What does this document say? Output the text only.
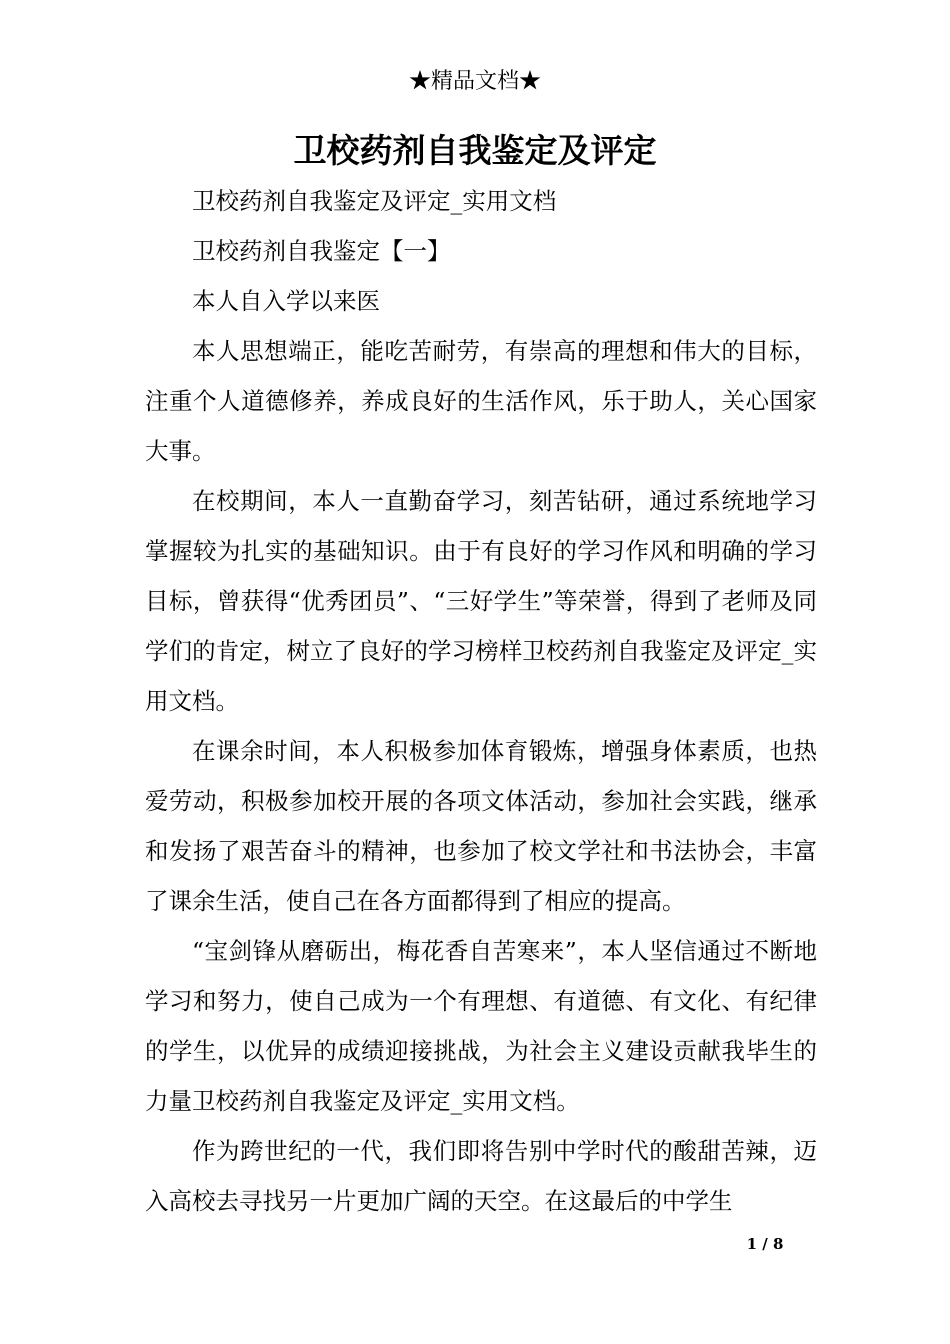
★精品文档★
卫校药剂自我鉴定及评定

卫校药剂自我鉴定及评定_实用文档

卫校药剂自我鉴定【一】

本人自入学以来医

本人思想端正，能吃苦耐劳，有崇高的理想和伟大的目标，注重个人道德修养，养成良好的生活作风，乐于助人，关心国家大事。

在校期间，本人一直勤奋学习，刻苦钻研，通过系统地学习掌握较为扎实的基础知识。由于有良好的学习作风和明确的学习目标，曾获得“优秀团员”、“三好学生”等荣誉，得到了老师及同学们的肯定，树立了良好的学习榜样卫校药剂自我鉴定及评定_实用文档。

在课余时间，本人积极参加体育锻炼，增强身体素质，也热爱劳动，积极参加校开展的各项文体活动，参加社会实践，继承和发扬了艰苦奋斗的精神，也参加了校文学社和书法协会，丰富了课余生活，使自己在各方面都得到了相应的提高。

“宝剑锋从磨砺出，梅花香自苦寒来”，本人坚信通过不断地学习和努力，使自己成为一个有理想、有道德、有文化、有纪律的学生，以优异的成绩迎接挑战，为社会主义建设贡献我毕生的力量卫校药剂自我鉴定及评定_实用文档。

作为跨世纪的一代，我们即将告别中学时代的酸甜苦辣，迈入高校去寻找另一片更加广阔的天空。在这最后的中学生

1 / 8
